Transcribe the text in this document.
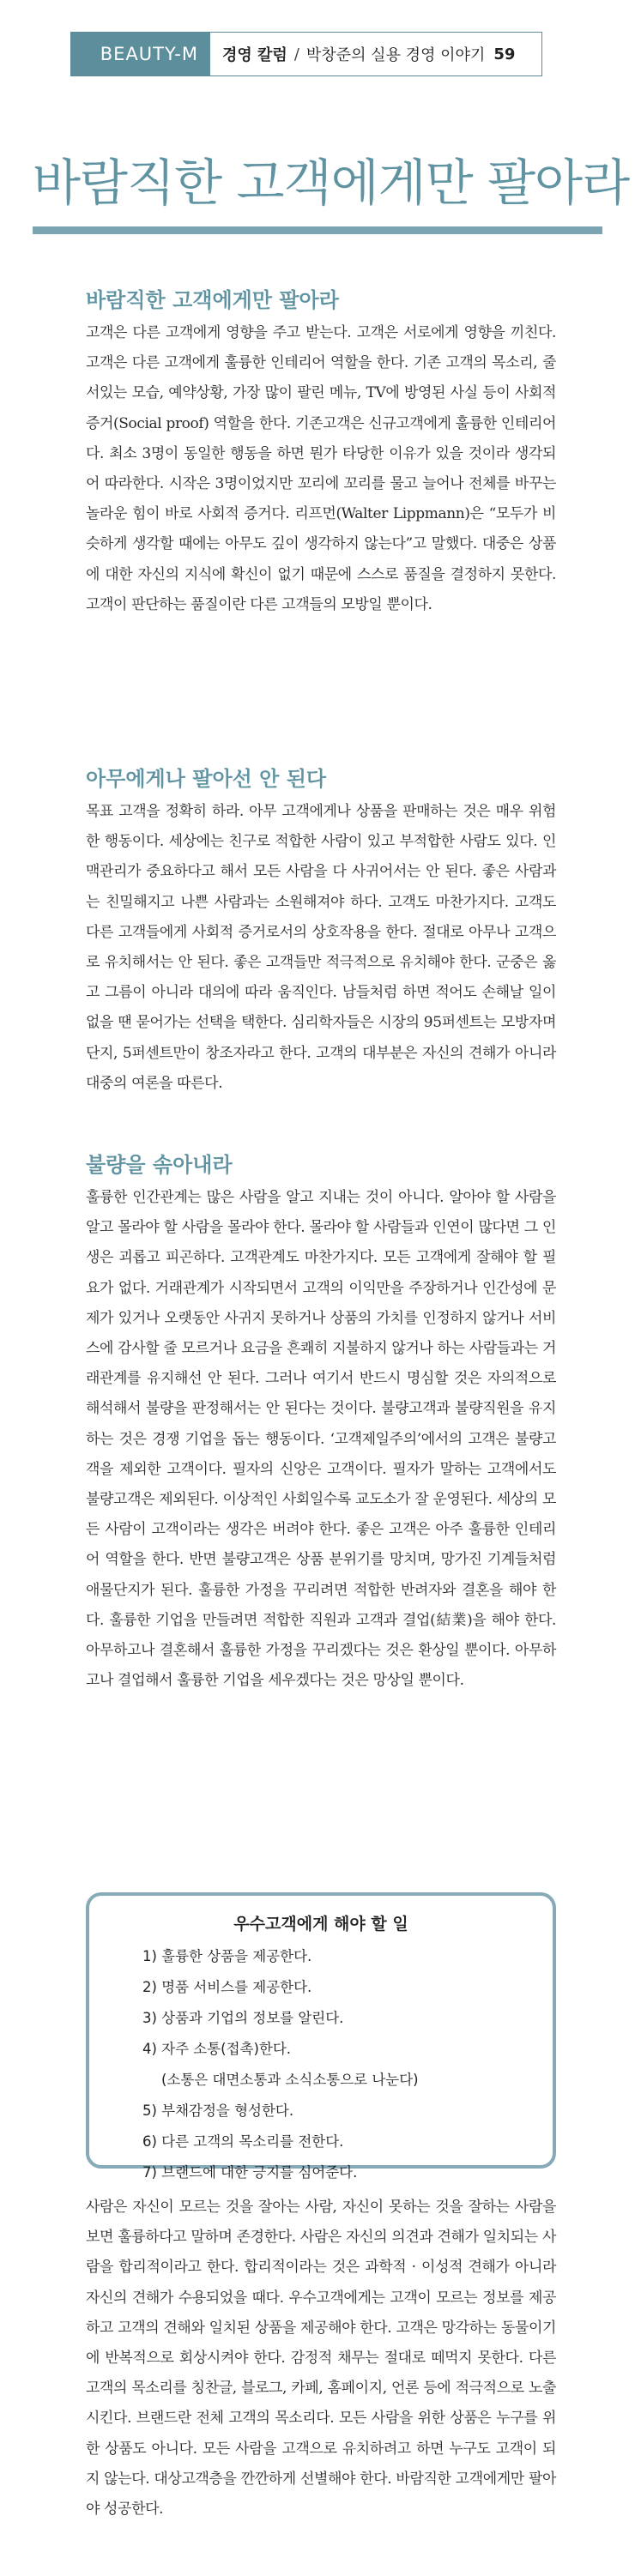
BEAUTY-M	경영 칼럼 / 박창준의 실용 경영 이야기 59
바람직한 고객에게만 팔아라
바람직한 고객에게만 팔아라

고객은 다른 고객에게 영향을 주고 받는다. 고객은 서로에게 영향을 끼친다. 고객은 다른 고객에게 훌륭한 인테리어 역할을 한다. 기존 고객의 목소리, 줄 서있는 모습, 예약상황, 가장 많이 팔린 메뉴, TV에 방영된 사실 등이 사회적 증거(Social proof) 역할을 한다. 기존고객은 신규고객에게 훌륭한 인테리어다. 최소 3명이 동일한 행동을 하면 뭔가 타당한 이유가 있을 것이라 생각되어 따라한다. 시작은 3명이었지만 꼬리에 꼬리를 물고 늘어나 전체를 바꾸는 놀라운 힘이 바로 사회적 증거다. 리프먼(Walter Lippmann)은 “모두가 비슷하게 생각할 때에는 아무도 깊이 생각하지 않는다”고 말했다. 대중은 상품에 대한 자신의 지식에 확신이 없기 때문에 스스로 품질을 결정하지 못한다. 고객이 판단하는 품질이란 다른 고객들의 모방일 뿐이다.

아무에게나 팔아선 안 된다

목표 고객을 정확히 하라. 아무 고객에게나 상품을 판매하는 것은 매우 위험한 행동이다. 세상에는 친구로 적합한 사람이 있고 부적합한 사람도 있다. 인맥관리가 중요하다고 해서 모든 사람을 다 사귀어서는 안 된다. 좋은 사람과는 친밀해지고 나쁜 사람과는 소원해져야 하다. 고객도 마찬가지다. 고객도 다른 고객들에게 사회적 증거로서의 상호작용을 한다. 절대로 아무나 고객으로 유치해서는 안 된다. 좋은 고객들만 적극적으로 유치해야 한다. 군중은 옳고 그름이 아니라 대의에 따라 움직인다. 남들처럼 하면 적어도 손해날 일이 없을 땐 묻어가는 선택을 택한다. 심리학자들은 시장의 95퍼센트는 모방자며 단지, 5퍼센트만이 창조자라고 한다. 고객의 대부분은 자신의 견해가 아니라 대중의 여론을 따른다.

불량을 솎아내라

훌륭한 인간관계는 많은 사람을 알고 지내는 것이 아니다. 알아야 할 사람을 알고 몰라야 할 사람을 몰라야 한다. 몰라야 할 사람들과 인연이 많다면 그 인생은 괴롭고 피곤하다. 고객관계도 마찬가지다. 모든 고객에게 잘해야 할 필요가 없다. 거래관계가 시작되면서 고객의 이익만을 주장하거나 인간성에 문제가 있거나 오랫동안 사귀지 못하거나 상품의 가치를 인정하지 않거나 서비스에 감사할 줄 모르거나 요금을 흔쾌히 지불하지 않거나 하는 사람들과는 거래관계를 유지해선 안 된다. 그러나 여기서 반드시 명심할 것은 자의적으로 해석해서 불량을 판정해서는 안 된다는 것이다. 불량고객과 불량직원을 유지하는 것은 경쟁 기업을 돕는 행동이다. ‘고객제일주의’에서의 고객은 불량고객을 제외한 고객이다. 필자의 신앙은 고객이다. 필자가 말하는 고객에서도 불량고객은 제외된다. 이상적인 사회일수록 교도소가 잘 운영된다. 세상의 모든 사람이 고객이라는 생각은 버려야 한다. 좋은 고객은 아주 훌륭한 인테리어 역할을 한다. 반면 불량고객은 상품 분위기를 망치며, 망가진 기계들처럼 애물단지가 된다. 훌륭한 가정을 꾸리려면 적합한 반려자와 결혼을 해야 한다. 훌륭한 기업을 만들려면 적합한 직원과 고객과 결업(結業)을 해야 한다. 아무하고나 결혼해서 훌륭한 가정을 꾸리겠다는 것은 환상일 뿐이다. 아무하고나 결업해서 훌륭한 기업을 세우겠다는 것은 망상일 뿐이다.

우수고객에게 해야 할 일
1) 훌륭한 상품을 제공한다.
2) 명품 서비스를 제공한다.
3) 상품과 기업의 정보를 알린다.
4) 자주 소통(접촉)한다.
(소통은 대면소통과 소식소통으로 나눈다)
5) 부채감정을 형성한다.
6) 다른 고객의 목소리를 전한다.
7) 브랜드에 대한 긍지를 심어준다.

사람은 자신이 모르는 것을 잘아는 사람, 자신이 못하는 것을 잘하는 사람을 보면 훌륭하다고 말하며 존경한다. 사람은 자신의 의견과 견해가 일치되는 사람을 합리적이라고 한다. 합리적이라는 것은 과학적 · 이성적 견해가 아니라 자신의 견해가 수용되었을 때다. 우수고객에게는 고객이 모르는 정보를 제공하고 고객의 견해와 일치된 상품을 제공해야 한다. 고객은 망각하는 동물이기에 반복적으로 회상시켜야 한다. 감정적 채무는 절대로 떼먹지 못한다. 다른 고객의 목소리를 칭찬글, 블로그, 카페, 홈페이지, 언론 등에 적극적으로 노출시킨다. 브랜드란 전체 고객의 목소리다. 모든 사람을 위한 상품은 누구를 위한 상품도 아니다. 모든 사람을 고객으로 유치하려고 하면 누구도 고객이 되지 않는다. 대상고객층을 깐깐하게 선별해야 한다. 바람직한 고객에게만 팔아야 성공한다.
